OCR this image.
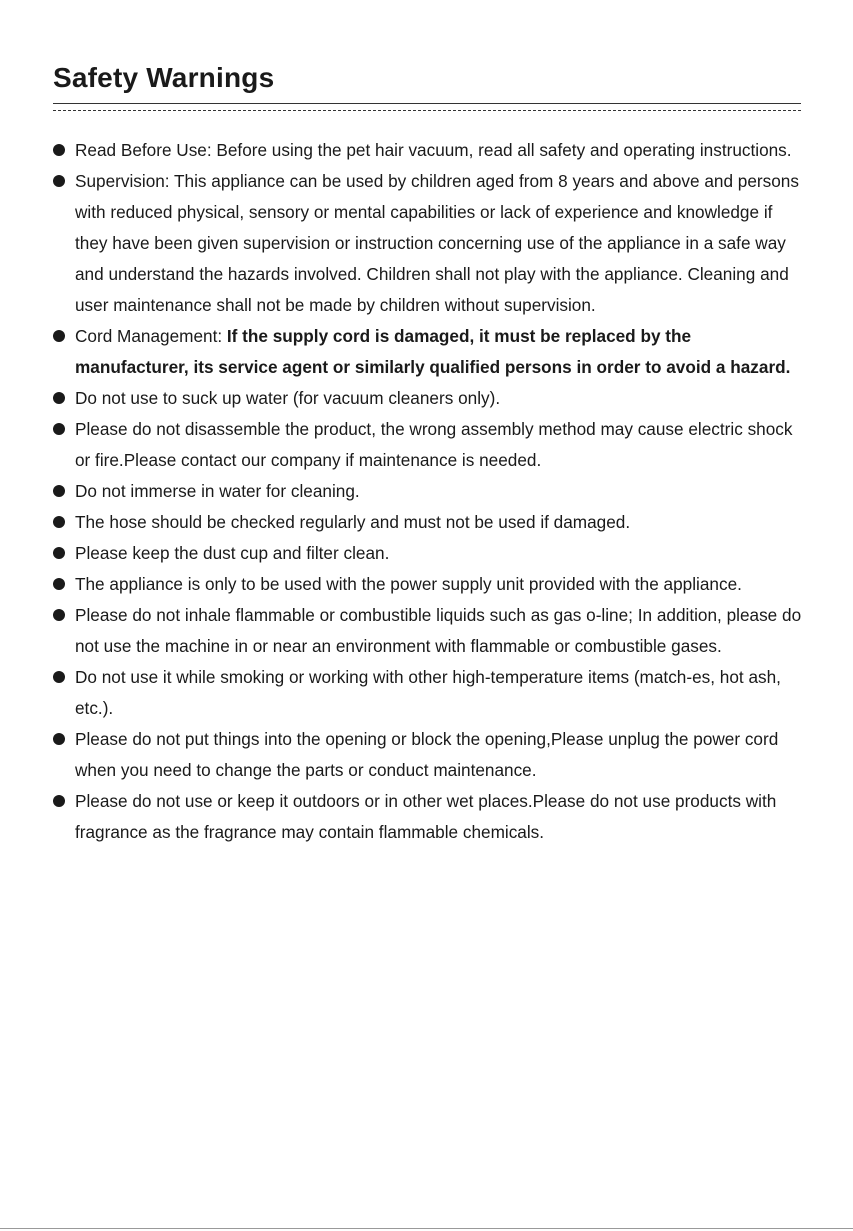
Safety Warnings
Read Before Use: Before using the pet hair vacuum, read all safety and operating instructions.
Supervision: This appliance can be used by children aged from 8 years and above and persons with reduced physical, sensory or mental capabilities or lack of experience and knowledge if they have been given supervision or instruction concerning use of the appliance in a safe way and understand the hazards involved. Children shall not play with the appliance. Cleaning and user maintenance shall not be made by children without supervision.
Cord Management: If the supply cord is damaged, it must be replaced by the manufacturer, its service agent or similarly qualified persons in order to avoid a hazard.
Do not use to suck up water (for vacuum cleaners only).
Please do not disassemble the product, the wrong assembly method may cause electric shock or fire.Please contact our company if maintenance is needed.
Do not immerse in water for cleaning.
The hose should be checked regularly and must not be used if damaged.
Please keep the dust cup and filter clean.
The appliance is only to be used with the power supply unit provided with the appliance.
Please do not inhale flammable or combustible liquids such as gas o-line; In addition, please do not use the machine in or near an environment with flammable or combustible gases.
Do not use it while smoking or working with other high-temperature items (match-es, hot ash, etc.).
Please do not put things into the opening or block the opening,Please unplug the power cord when you need to change the parts or conduct maintenance.
Please do not use or keep it outdoors or in other wet places.Please do not use products with fragrance as the fragrance may contain flammable chemicals.
